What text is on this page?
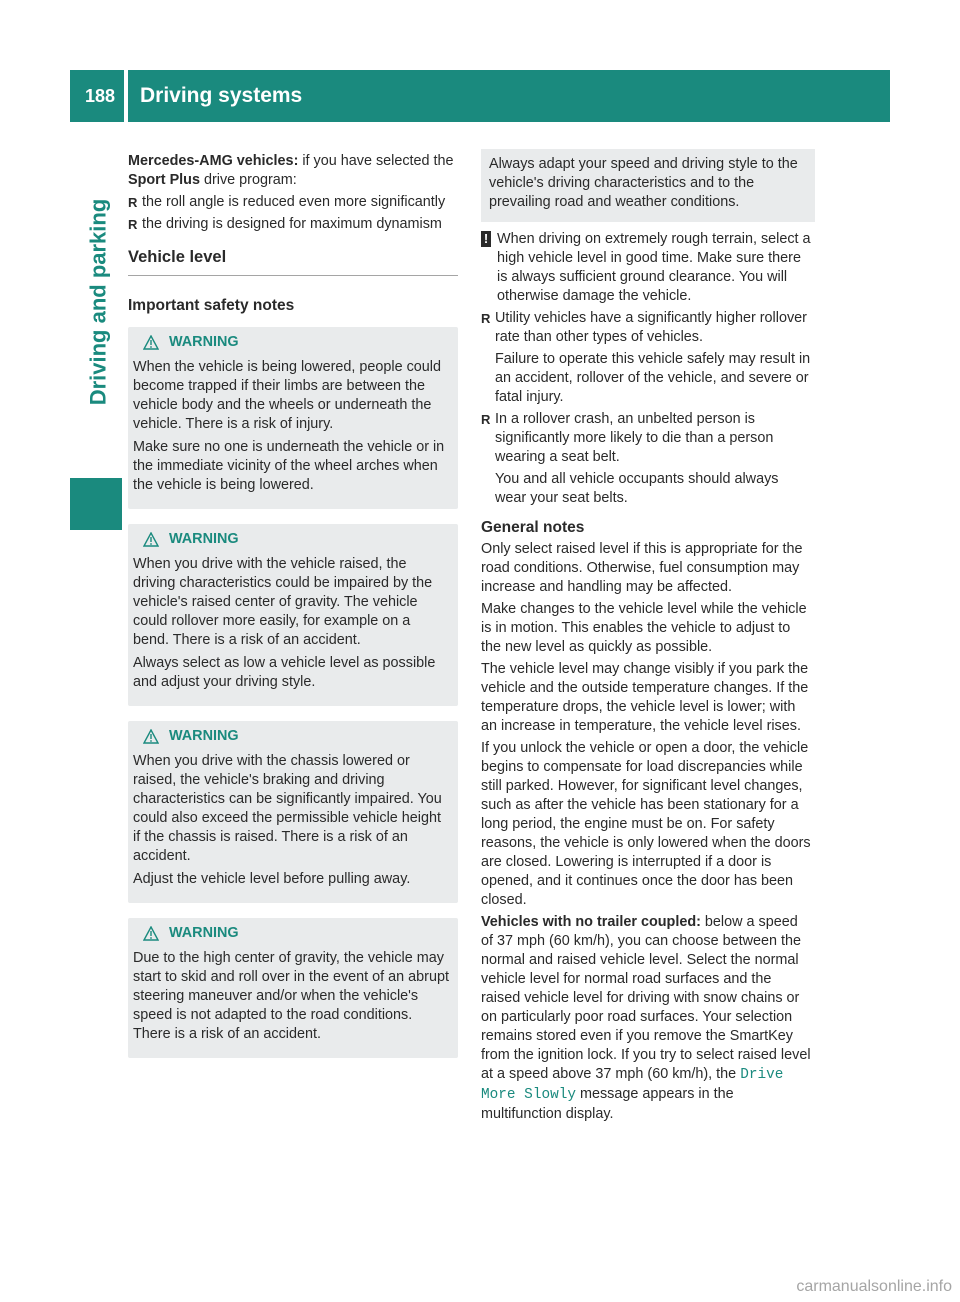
188 Driving systems
Driving and parking

Mercedes-AMG vehicles: if you have selected the Sport Plus drive program:

R the roll angle is reduced even more significantly
R the driving is designed for maximum dynamism
Vehicle level
Important safety notes
WARNING

When the vehicle is being lowered, people could become trapped if their limbs are between the vehicle body and the wheels or underneath the vehicle. There is a risk of injury.

Make sure no one is underneath the vehicle or in the immediate vicinity of the wheel arches when the vehicle is being lowered.

WARNING

When you drive with the vehicle raised, the driving characteristics could be impaired by the vehicle's raised center of gravity. The vehicle could rollover more easily, for example on a bend. There is a risk of an accident.

Always select as low a vehicle level as possible and adjust your driving style.

WARNING

When you drive with the chassis lowered or raised, the vehicle's braking and driving characteristics can be significantly impaired. You could also exceed the permissible vehicle height if the chassis is raised. There is a risk of an accident.

Adjust the vehicle level before pulling away.

WARNING

Due to the high center of gravity, the vehicle may start to skid and roll over in the event of an abrupt steering maneuver and/or when the vehicle's speed is not adapted to the road conditions. There is a risk of an accident.

Always adapt your speed and driving style to the vehicle's driving characteristics and to the prevailing road and weather conditions.
! When driving on extremely rough terrain, select a high vehicle level in good time. Make sure there is always sufficient ground clearance. You will otherwise damage the vehicle.
R Utility vehicles have a significantly higher rollover rate than other types of vehicles.

Failure to operate this vehicle safely may result in an accident, rollover of the vehicle, and severe or fatal injury.

R In a rollover crash, an unbelted person is significantly more likely to die than a person wearing a seat belt.

You and all vehicle occupants should always wear your seat belts.

General notes

Only select raised level if this is appropriate for the road conditions. Otherwise, fuel consumption may increase and handling may be affected.

Make changes to the vehicle level while the vehicle is in motion. This enables the vehicle to adjust to the new level as quickly as possible.

The vehicle level may change visibly if you park the vehicle and the outside temperature changes. If the temperature drops, the vehicle level is lower; with an increase in temperature, the vehicle level rises.

If you unlock the vehicle or open a door, the vehicle begins to compensate for load discrepancies while still parked. However, for significant level changes, such as after the vehicle has been stationary for a long period, the engine must be on. For safety reasons, the vehicle is only lowered when the doors are closed. Lowering is interrupted if a door is opened, and it continues once the door has been closed.

Vehicles with no trailer coupled: below a speed of 37 mph (60 km/h), you can choose between the normal and raised vehicle level. Select the normal vehicle level for normal road surfaces and the raised vehicle level for driving with snow chains or on particularly poor road surfaces. Your selection remains stored even if you remove the SmartKey from the ignition lock. If you try to select raised level at a speed above 37 mph (60 km/h), the Drive More Slowly message appears in the multifunction display.

carmanualsonline.info
